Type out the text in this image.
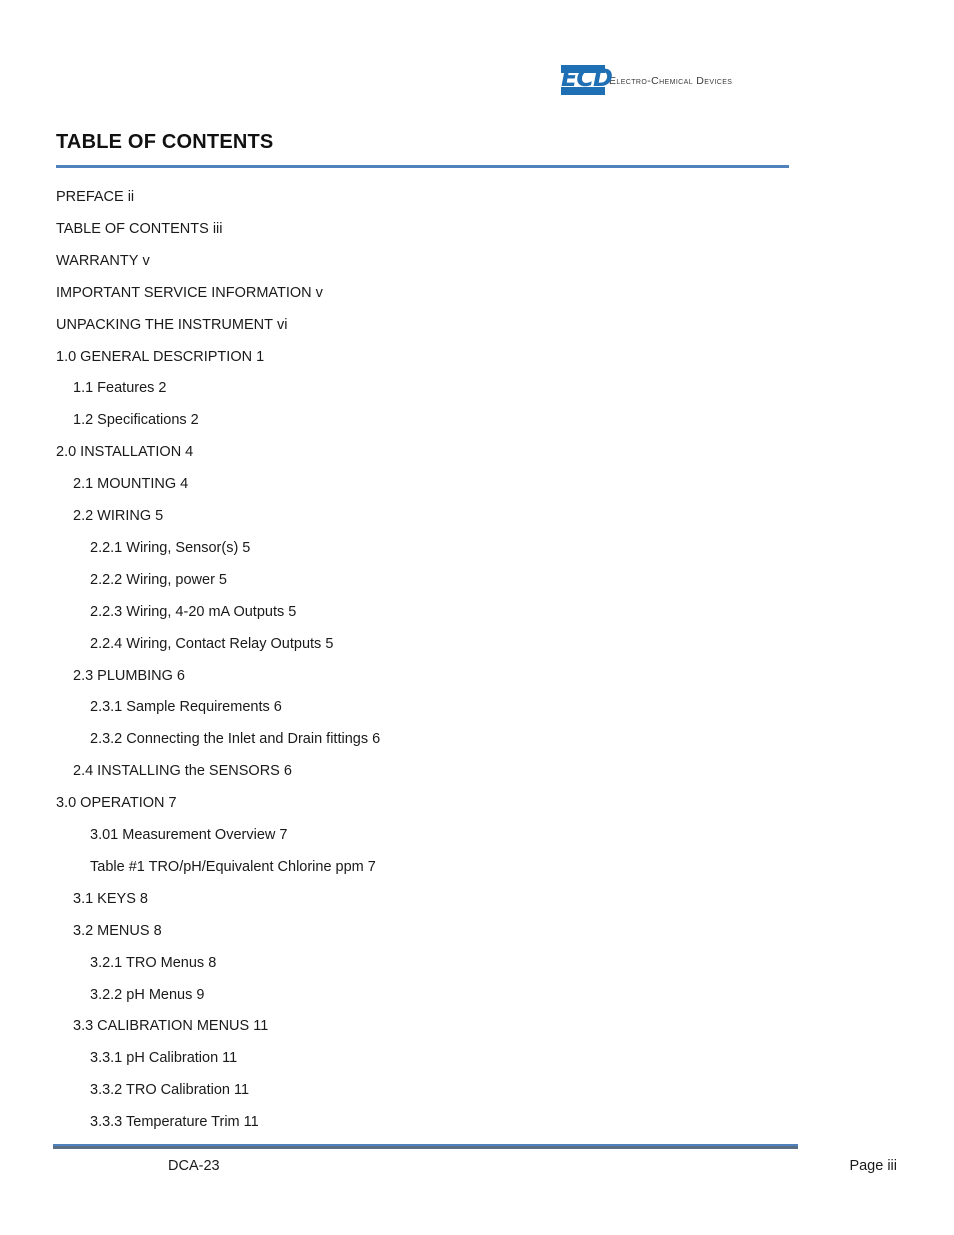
ECD
Electro-Chemical Devices
TABLE OF CONTENTS
PREFACE ii
TABLE OF CONTENTS iii
WARRANTY v
IMPORTANT SERVICE INFORMATION v
UNPACKING THE INSTRUMENT vi
1.0 GENERAL DESCRIPTION 1
1.1 Features 2
1.2 Specifications 2
2.0 INSTALLATION 4
2.1 MOUNTING 4
2.2 WIRING 5
2.2.1 Wiring, Sensor(s) 5
2.2.2 Wiring, power 5
2.2.3 Wiring, 4-20 mA Outputs 5
2.2.4 Wiring, Contact Relay Outputs 5
2.3 PLUMBING 6
2.3.1 Sample Requirements 6
2.3.2 Connecting the Inlet and Drain fittings 6
2.4 INSTALLING the SENSORS 6
3.0 OPERATION 7
3.01 Measurement Overview 7
Table #1 TRO/pH/Equivalent Chlorine ppm 7
3.1 KEYS 8
3.2 MENUS 8
3.2.1 TRO Menus 8
3.2.2 pH Menus 9
3.3 CALIBRATION MENUS 11
3.3.1 pH Calibration 11
3.3.2 TRO Calibration 11
3.3.3 Temperature Trim 11
DCA-23	Page iii
